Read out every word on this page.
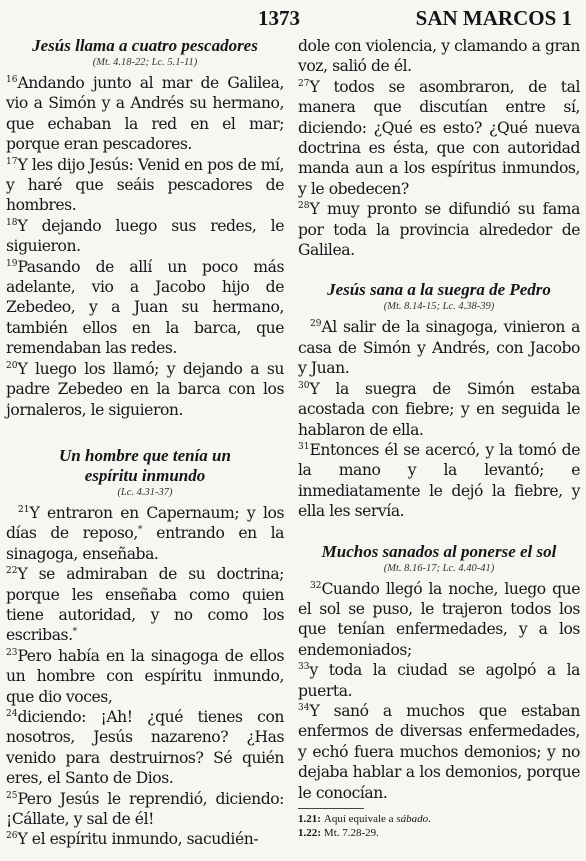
1373	SAN MARCOS 1
Jesús llama a cuatro pescadores
(Mt. 4.18-22; Lc. 5.1-11)

$^{16}$Andando junto al mar de Galilea, vio a Simón y a Andrés su hermano, que echaban la red en el mar; porque eran pescadores.

$^{17}$Y les dijo Jesús: Venid en pos de mí, y haré que seáis pescadores de hombres.

$^{18}$Y dejando luego sus redes, le siguieron.

$^{19}$Pasando de allí un poco más adelante, vio a Jacobo hijo de Zebedeo, y a Juan su hermano, también ellos en la barca, que remendaban las redes.

$^{20}$Y luego los llamó; y dejando a su padre Zebedeo en la barca con los jornaleros, le siguieron.

Un hombre que tenía un
espíritu inmundo
(Lc. 4.31-37)

$^{21}$Y entraron en Capernaum; y los días de reposo,* entrando en la sinagoga, enseñaba.

$^{22}$Y se admiraban de su doctrina; porque les enseñaba como quien tiene autoridad, y no como los escribas.*

$^{23}$Pero había en la sinagoga de ellos un hombre con espíritu inmundo, que dio voces,

$^{24}$diciendo: ¡Ah! ¿qué tienes con nosotros, Jesús nazareno? ¿Has venido para destruirnos? Sé quién eres, el Santo de Dios.

$^{25}$Pero Jesús le reprendió, diciendo: ¡Cállate, y sal de él!

$^{26}$Y el espíritu inmundo, sacudién-

dole con violencia, y clamando a gran voz, salió de él.

$^{27}$Y todos se asombraron, de tal manera que discutían entre sí, diciendo: ¿Qué es esto? ¿Qué nueva doctrina es ésta, que con autoridad manda aun a los espíritus inmundos, y le obedecen?

$^{28}$Y muy pronto se difundió su fama por toda la provincia alrededor de Galilea.

Jesús sana a la suegra de Pedro
(Mt. 8.14-15; Lc. 4.38-39)

$^{29}$Al salir de la sinagoga, vinieron a casa de Simón y Andrés, con Jacobo y Juan.

$^{30}$Y la suegra de Simón estaba acostada con fiebre; y en seguida le hablaron de ella.

$^{31}$Entonces él se acercó, y la tomó de la mano y la levantó; e inmediatamente le dejó la fiebre, y ella les servía.

Muchos sanados al ponerse el sol
(Mt. 8.16-17; Lc. 4.40-41)

$^{32}$Cuando llegó la noche, luego que el sol se puso, le trajeron todos los que tenían enfermedades, y a los endemoniados;

$^{33}$y toda la ciudad se agolpó a la puerta.

$^{34}$Y sanó a muchos que estaban enfermos de diversas enfermedades, y echó fuera muchos demonios; y no dejaba hablar a los demonios, porque le conocían.

1.21: Aquí equivale a sábado.

1.22: Mt. 7.28-29.
